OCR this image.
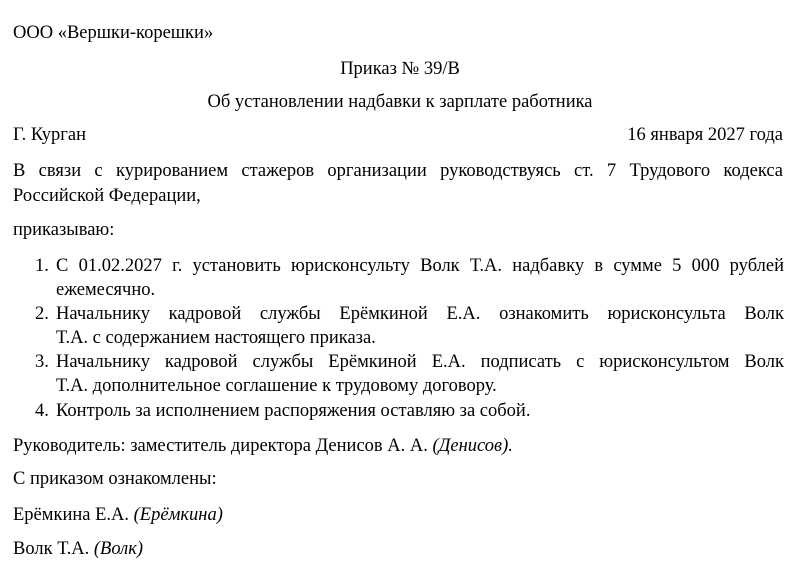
ООО «Вершки-корешки»
Приказ № 39/В
Об установлении надбавки к зарплате работника
Г. Курган	16 января 2027 года
В связи с курированием стажеров организации руководствуясь ст. 7 Трудового кодекса
Российской Федерации,
приказываю:
1. С 01.02.2027 г. установить юрисконсульту Волк Т.А. надбавку в сумме 5 000 рублей
ежемесячно.
2. Начальнику кадровой службы Ерёмкиной Е.А. ознакомить юрисконсульта Волк
Т.А. с содержанием настоящего приказа.
3. Начальнику кадровой службы Ерёмкиной Е.А. подписать с юрисконсультом Волк
Т.А. дополнительное соглашение к трудовому договору.
4. Контроль за исполнением распоряжения оставляю за собой.
Руководитель: заместитель директора Денисов А. А. (Денисов).
С приказом ознакомлены:
Ерёмкина Е.А. (Ерёмкина)
Волк Т.А. (Волк)
